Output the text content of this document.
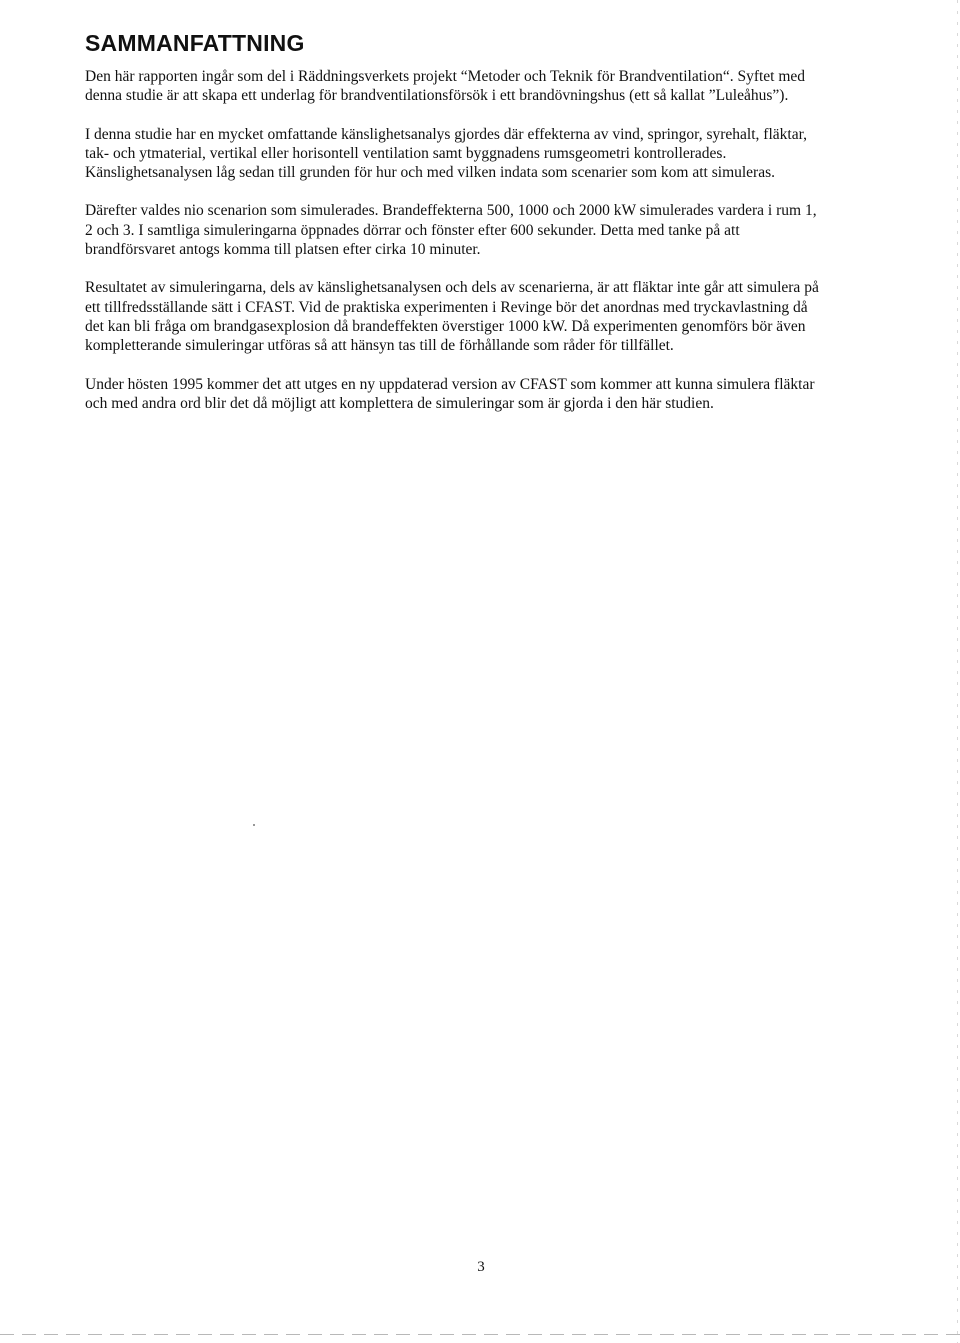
SAMMANFATTNING

Den här rapporten ingår som del i Räddningsverkets projekt “Metoder och Teknik för Brandventilation“. Syftet med denna studie är att skapa ett underlag för brandventilationsförsök i ett brandövningshus (ett så kallat ”Luleåhus”).

I denna studie har en mycket omfattande känslighetsanalys gjordes där effekterna av vind, springor, syrehalt, fläktar, tak- och ytmaterial, vertikal eller horisontell ventilation samt byggnadens rumsgeometri kontrollerades. Känslighetsanalysen låg sedan till grunden för hur och med vilken indata som scenarier som kom att simuleras.

Därefter valdes nio scenarion som simulerades. Brandeffekterna 500, 1000 och 2000 kW simulerades vardera i rum 1, 2 och 3. I samtliga simuleringarna öppnades dörrar och fönster efter 600 sekunder. Detta med tanke på att brandförsvaret antogs komma till platsen efter cirka 10 minuter.

Resultatet av simuleringarna, dels av känslighetsanalysen och dels av scenarierna, är att fläktar inte går att simulera på ett tillfredsställande sätt i CFAST. Vid de praktiska experimenten i Revinge bör det anordnas med tryckavlastning då det kan bli fråga om brandgasexplosion då brandeffekten överstiger 1000 kW. Då experimenten genomförs bör även kompletterande simuleringar utföras så att hänsyn tas till de förhållande som råder för tillfället.

Under hösten 1995 kommer det att utges en ny uppdaterad version av CFAST som kommer att kunna simulera fläktar och med andra ord blir det då möjligt att komplettera de simuleringar som är gjorda i den här studien.

3
